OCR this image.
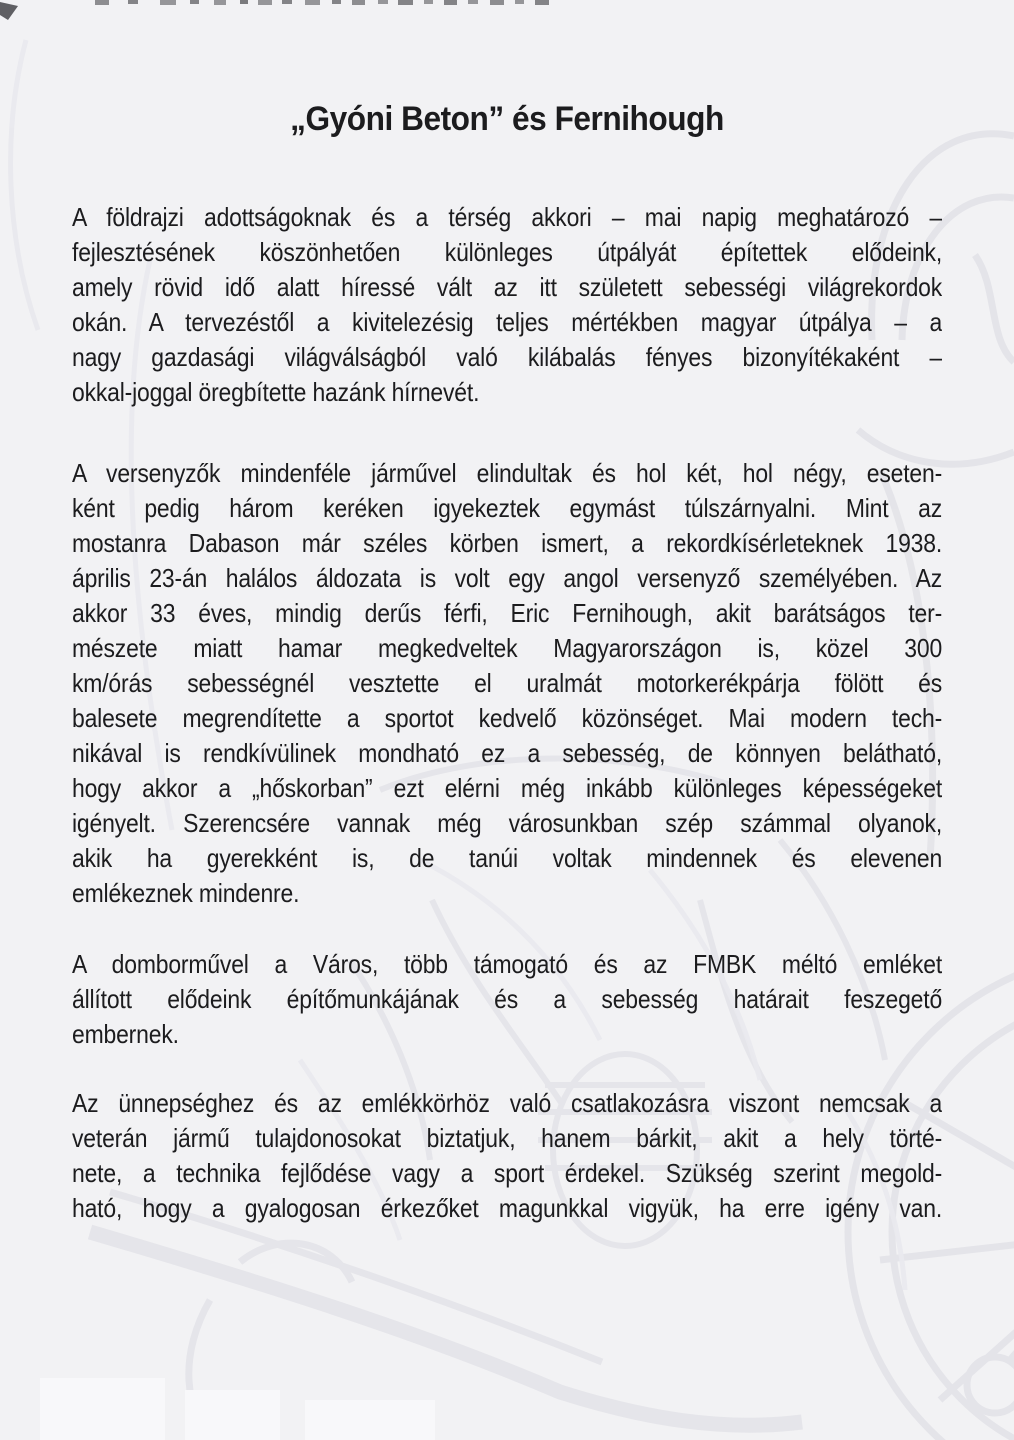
„Gyóni Beton” és Fernihough
A földrajzi adottságoknak és a térség akkori – mai napig meghatározó –
fejlesztésének köszönhetően különleges útpályát építettek elődeink,
amely rövid idő alatt híressé vált az itt született sebességi világrekordok
okán. A tervezéstől a kivitelezésig teljes mértékben magyar útpálya – a
nagy gazdasági világválságból való kilábalás fényes bizonyítékaként –
okkal-joggal öregbítette hazánk hírnevét.
A versenyzők mindenféle járművel elindultak és hol két, hol négy, eseten-
ként pedig három keréken igyekeztek egymást túlszárnyalni. Mint az
mostanra Dabason már széles körben ismert, a rekordkísérleteknek 1938.
április 23-án halálos áldozata is volt egy angol versenyző személyében. Az
akkor 33 éves, mindig derűs férfi, Eric Fernihough, akit barátságos ter-
mészete miatt hamar megkedveltek Magyarországon is, közel 300
km/órás sebességnél vesztette el uralmát motorkerékpárja fölött és
balesete megrendítette a sportot kedvelő közönséget. Mai modern tech-
nikával is rendkívülinek mondható ez a sebesség, de könnyen belátható,
hogy akkor a „hőskorban” ezt elérni még inkább különleges képességeket
igényelt. Szerencsére vannak még városunkban szép számmal olyanok,
akik ha gyerekként is, de tanúi voltak mindennek és elevenen
emlékeznek mindenre.
A domborművel a Város, több támogató és az FMBK méltó emléket
állított elődeink építőmunkájának és a sebesség határait feszegető
embernek.
Az ünnepséghez és az emlékkörhöz való csatlakozásra viszont nemcsak a
veterán jármű tulajdonosokat biztatjuk, hanem bárkit, akit a hely törté-
nete, a technika fejlődése vagy a sport érdekel. Szükség szerint megold-
ható, hogy a gyalogosan érkezőket magunkkal vigyük, ha erre igény van.
